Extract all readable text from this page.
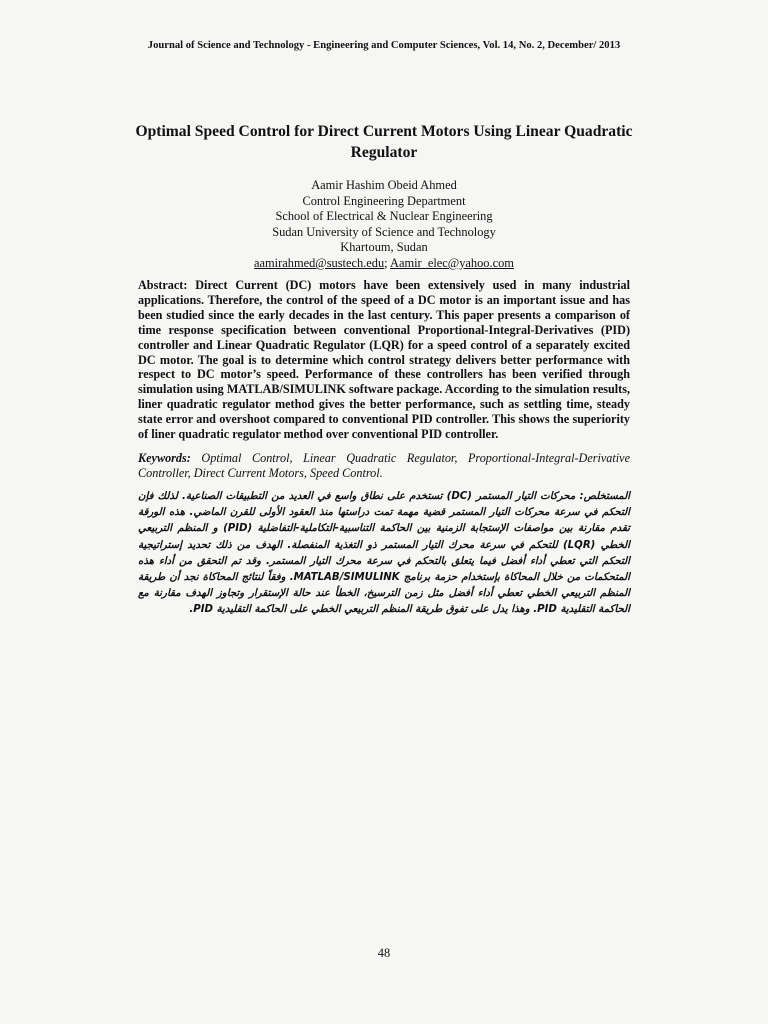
Journal of Science and Technology - Engineering and Computer Sciences, Vol. 14, No. 2, December/ 2013
Optimal Speed Control for Direct Current Motors Using Linear Quadratic Regulator
Aamir Hashim Obeid Ahmed
Control Engineering Department
School of Electrical & Nuclear Engineering
Sudan University of Science and Technology
Khartoum, Sudan
aamirahmed@sustech.edu; Aamir_elec@yahoo.com

Abstract: Direct Current (DC) motors have been extensively used in many industrial applications. Therefore, the control of the speed of a DC motor is an important issue and has been studied since the early decades in the last century. This paper presents a comparison of time response specification between conventional Proportional-Integral-Derivatives (PID) controller and Linear Quadratic Regulator (LQR) for a speed control of a separately excited DC motor. The goal is to determine which control strategy delivers better performance with respect to DC motor’s speed. Performance of these controllers has been verified through simulation using MATLAB/SIMULINK software package. According to the simulation results, liner quadratic regulator method gives the better performance, such as settling time, steady state error and overshoot compared to conventional PID controller. This shows the superiority of liner quadratic regulator method over conventional PID controller.

Keywords: Optimal Control, Linear Quadratic Regulator, Proportional-Integral-Derivative Controller, Direct Current Motors, Speed Control.

المستخلص: محركات التيار المستمر (DC) تستخدم على نطاق واسع في العديد من التطبيقات الصناعية. لذلك فإن التحكم في سرعة محركات التيار المستمر قضية مهمة تمت دراستها منذ العقود الأولى للقرن الماضي. هذه الورقة تقدم مقارنة بين مواصفات الإستجابة الزمنية بين الحاكمة التناسبية-التكاملية-التفاضلية (PID) و المنظم التربيعي الخطي (LQR) للتحكم في سرعة محرك التيار المستمر ذو التغذية المنفصلة. الهدف من ذلك تحديد إستراتيجية التحكم التي تعطي أداء أفضل فيما يتعلق بالتحكم في سرعة محرك التيار المستمر. وقد تم التحقق من أداء هذه المتحكمات من خلال المحاكاة بإستخدام حزمة برنامج MATLAB/SIMULINK. وفقاً لنتائج المحاكاة نجد أن طريقة المنظم التربيعي الخطي تعطي أداء أفضل مثل زمن الترسيخ، الخطأ عند حالة الإستقرار وتجاوز الهدف مقارنة مع الحاكمة التقليدية PID. وهذا يدل على تفوق طريقة المنظم التربيعي الخطي على الحاكمة التقليدية PID.

48
